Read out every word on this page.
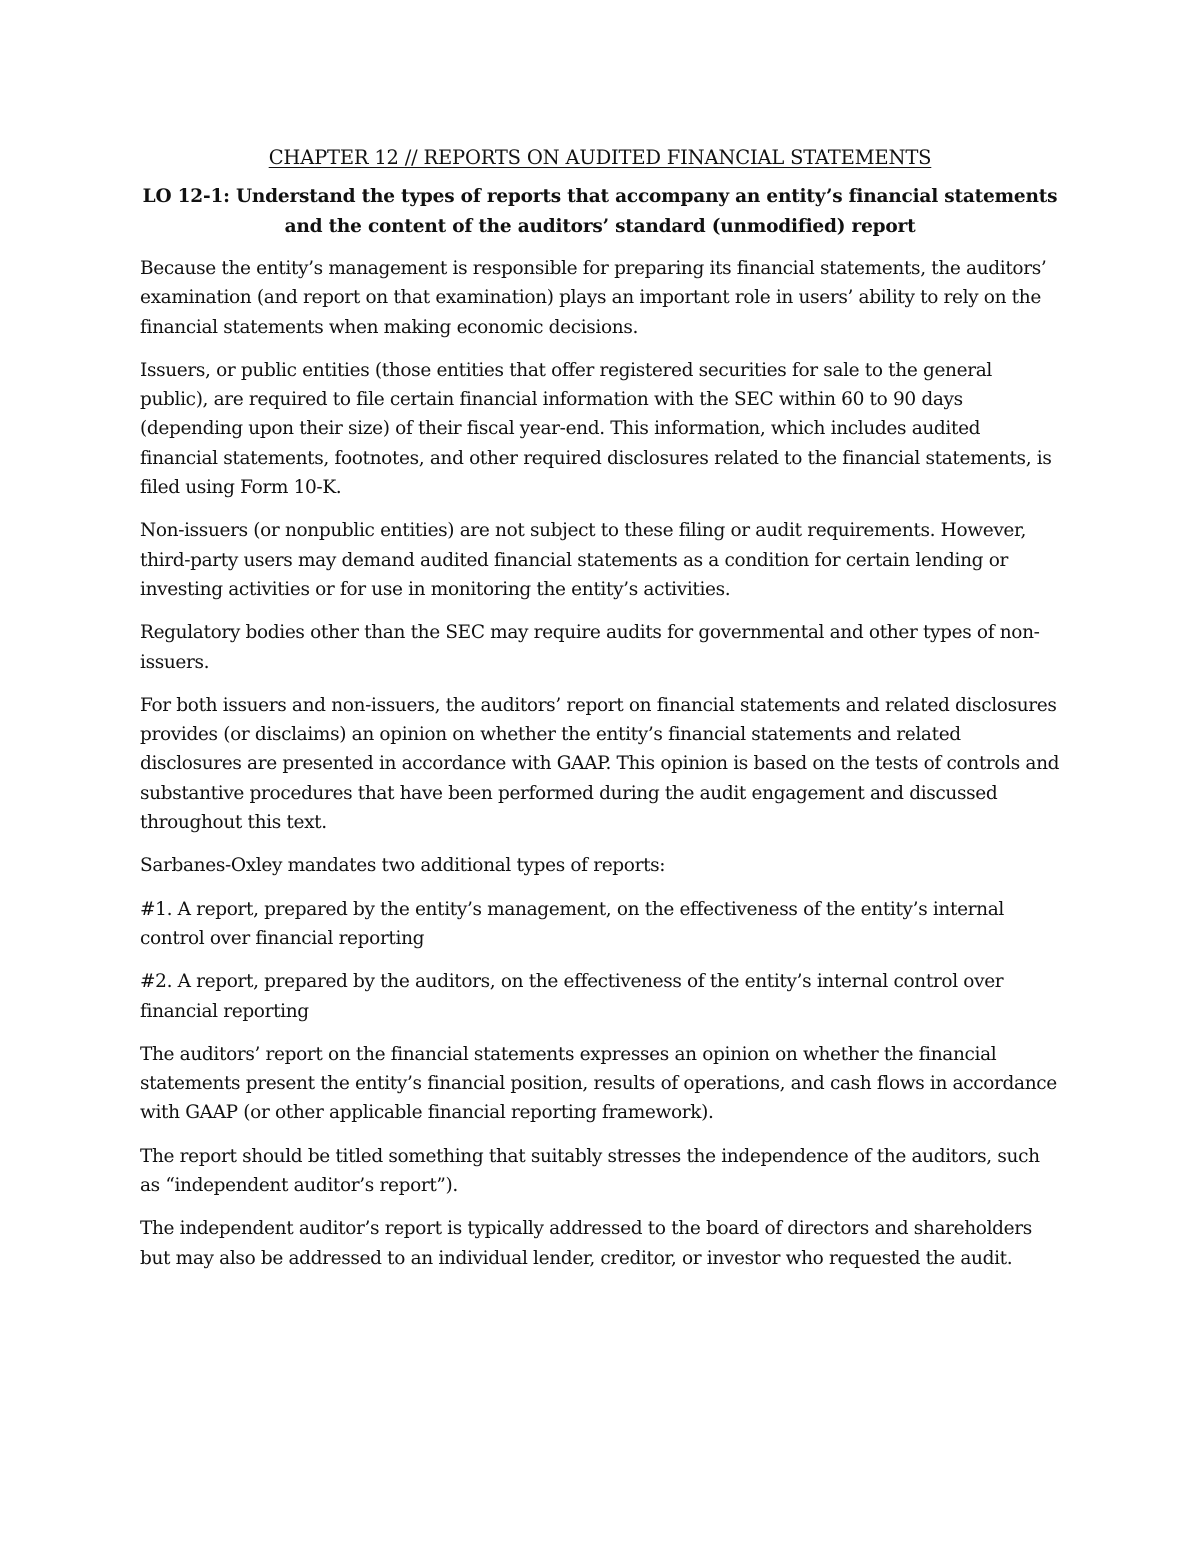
CHAPTER 12 // REPORTS ON AUDITED FINANCIAL STATEMENTS
LO 12-1: Understand the types of reports that accompany an entity’s financial statements and the content of the auditors’ standard (unmodified) report

Because the entity’s management is responsible for preparing its financial statements, the auditors’ examination (and report on that examination) plays an important role in users’ ability to rely on the financial statements when making economic decisions.

Issuers, or public entities (those entities that offer registered securities for sale to the general public), are required to file certain financial information with the SEC within 60 to 90 days (depending upon their size) of their fiscal year-end. This information, which includes audited financial statements, footnotes, and other required disclosures related to the financial statements, is filed using Form 10-K.

Non-issuers (or nonpublic entities) are not subject to these filing or audit requirements. However, third-party users may demand audited financial statements as a condition for certain lending or investing activities or for use in monitoring the entity’s activities.

Regulatory bodies other than the SEC may require audits for governmental and other types of non-issuers.

For both issuers and non-issuers, the auditors’ report on financial statements and related disclosures provides (or disclaims) an opinion on whether the entity’s financial statements and related disclosures are presented in accordance with GAAP. This opinion is based on the tests of controls and substantive procedures that have been performed during the audit engagement and discussed throughout this text.

Sarbanes-Oxley mandates two additional types of reports:

#1. A report, prepared by the entity’s management, on the effectiveness of the entity’s internal control over financial reporting

#2. A report, prepared by the auditors, on the effectiveness of the entity’s internal control over financial reporting

The auditors’ report on the financial statements expresses an opinion on whether the financial statements present the entity’s financial position, results of operations, and cash flows in accordance with GAAP (or other applicable financial reporting framework).

The report should be titled something that suitably stresses the independence of the auditors, such as “independent auditor’s report”).

The independent auditor’s report is typically addressed to the board of directors and shareholders but may also be addressed to an individual lender, creditor, or investor who requested the audit.
